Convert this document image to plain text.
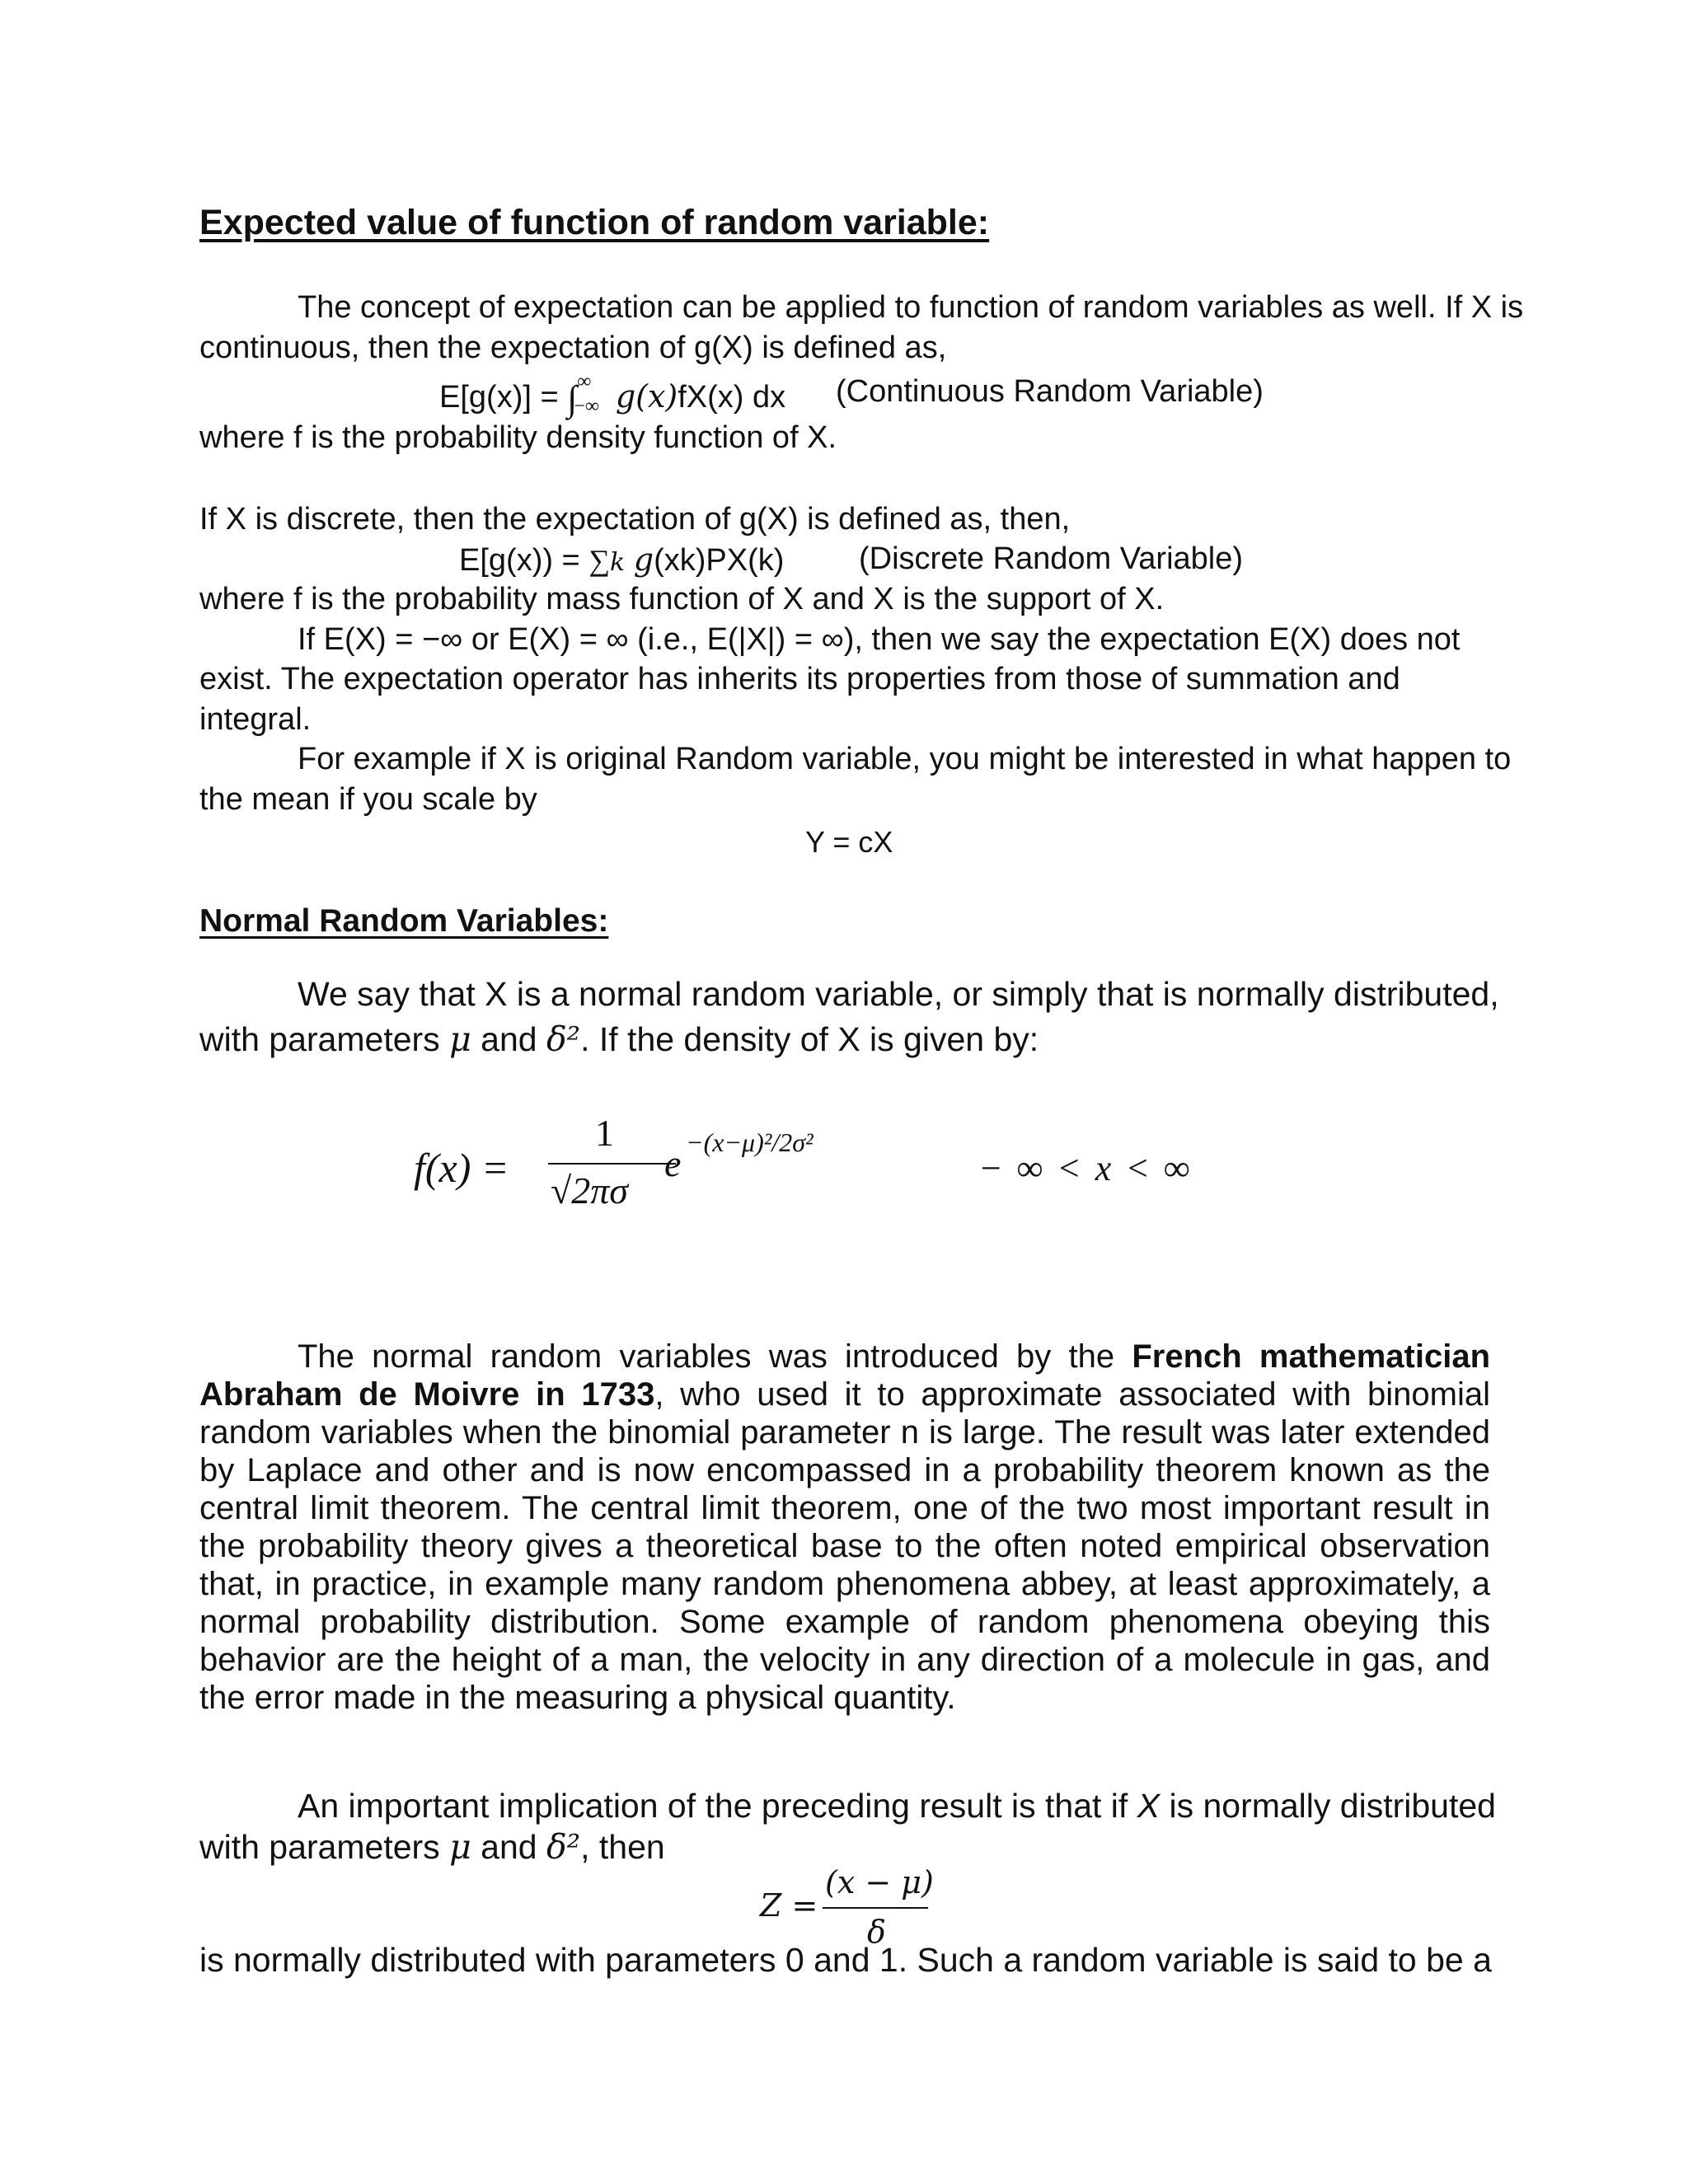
Expected value of function of random variable:
The concept of expectation can be applied to function of random variables as well. If X is
continuous, then the expectation of g(X) is defined as,
E[g(x)] = ∫ ∞
−∞ g(x)fX(x) dx (Continuous Random Variable)
where f is the probability density function of X.
If X is discrete, then the expectation of g(X) is defined as, then,
E[g(x)) = ∑k g(xk)PX(k) (Discrete Random Variable)
where f is the probability mass function of X and X is the support of X.
If E(X) = −∞ or E(X) = ∞ (i.e., E(|X|) = ∞), then we say the expectation E(X) does not
exist. The expectation operator has inherits its properties from those of summation and
integral.
For example if X is original Random variable, you might be interested in what happen to
the mean if you scale by
Y = cX
Normal Random Variables:
We say that X is a normal random variable, or simply that is normally distributed,
with parameters μ and δ². If the density of X is given by:
f(x) =
1
√2πσ
e −(x−μ)²/2σ²
− ∞ < x < ∞
The normal random variables was introduced by the French mathematician Abraham de Moivre in 1733, who used it to approximate associated with binomial random variables when the binomial parameter n is large. The result was later extended by Laplace and other and is now encompassed in a probability theorem known as the central limit theorem. The central limit theorem, one of the two most important result in the probability theory gives a theoretical base to the often noted empirical observation that, in practice, in example many random phenomena abbey, at least approximately, a normal probability distribution. Some example of random phenomena obeying this behavior are the height of a man, the velocity in any direction of a molecule in gas, and the error made in the measuring a physical quantity.
An important implication of the preceding result is that if X is normally distributed
with parameters μ and δ², then
Z =
(x − μ)
δ
is normally distributed with parameters 0 and 1. Such a random variable is said to be a
